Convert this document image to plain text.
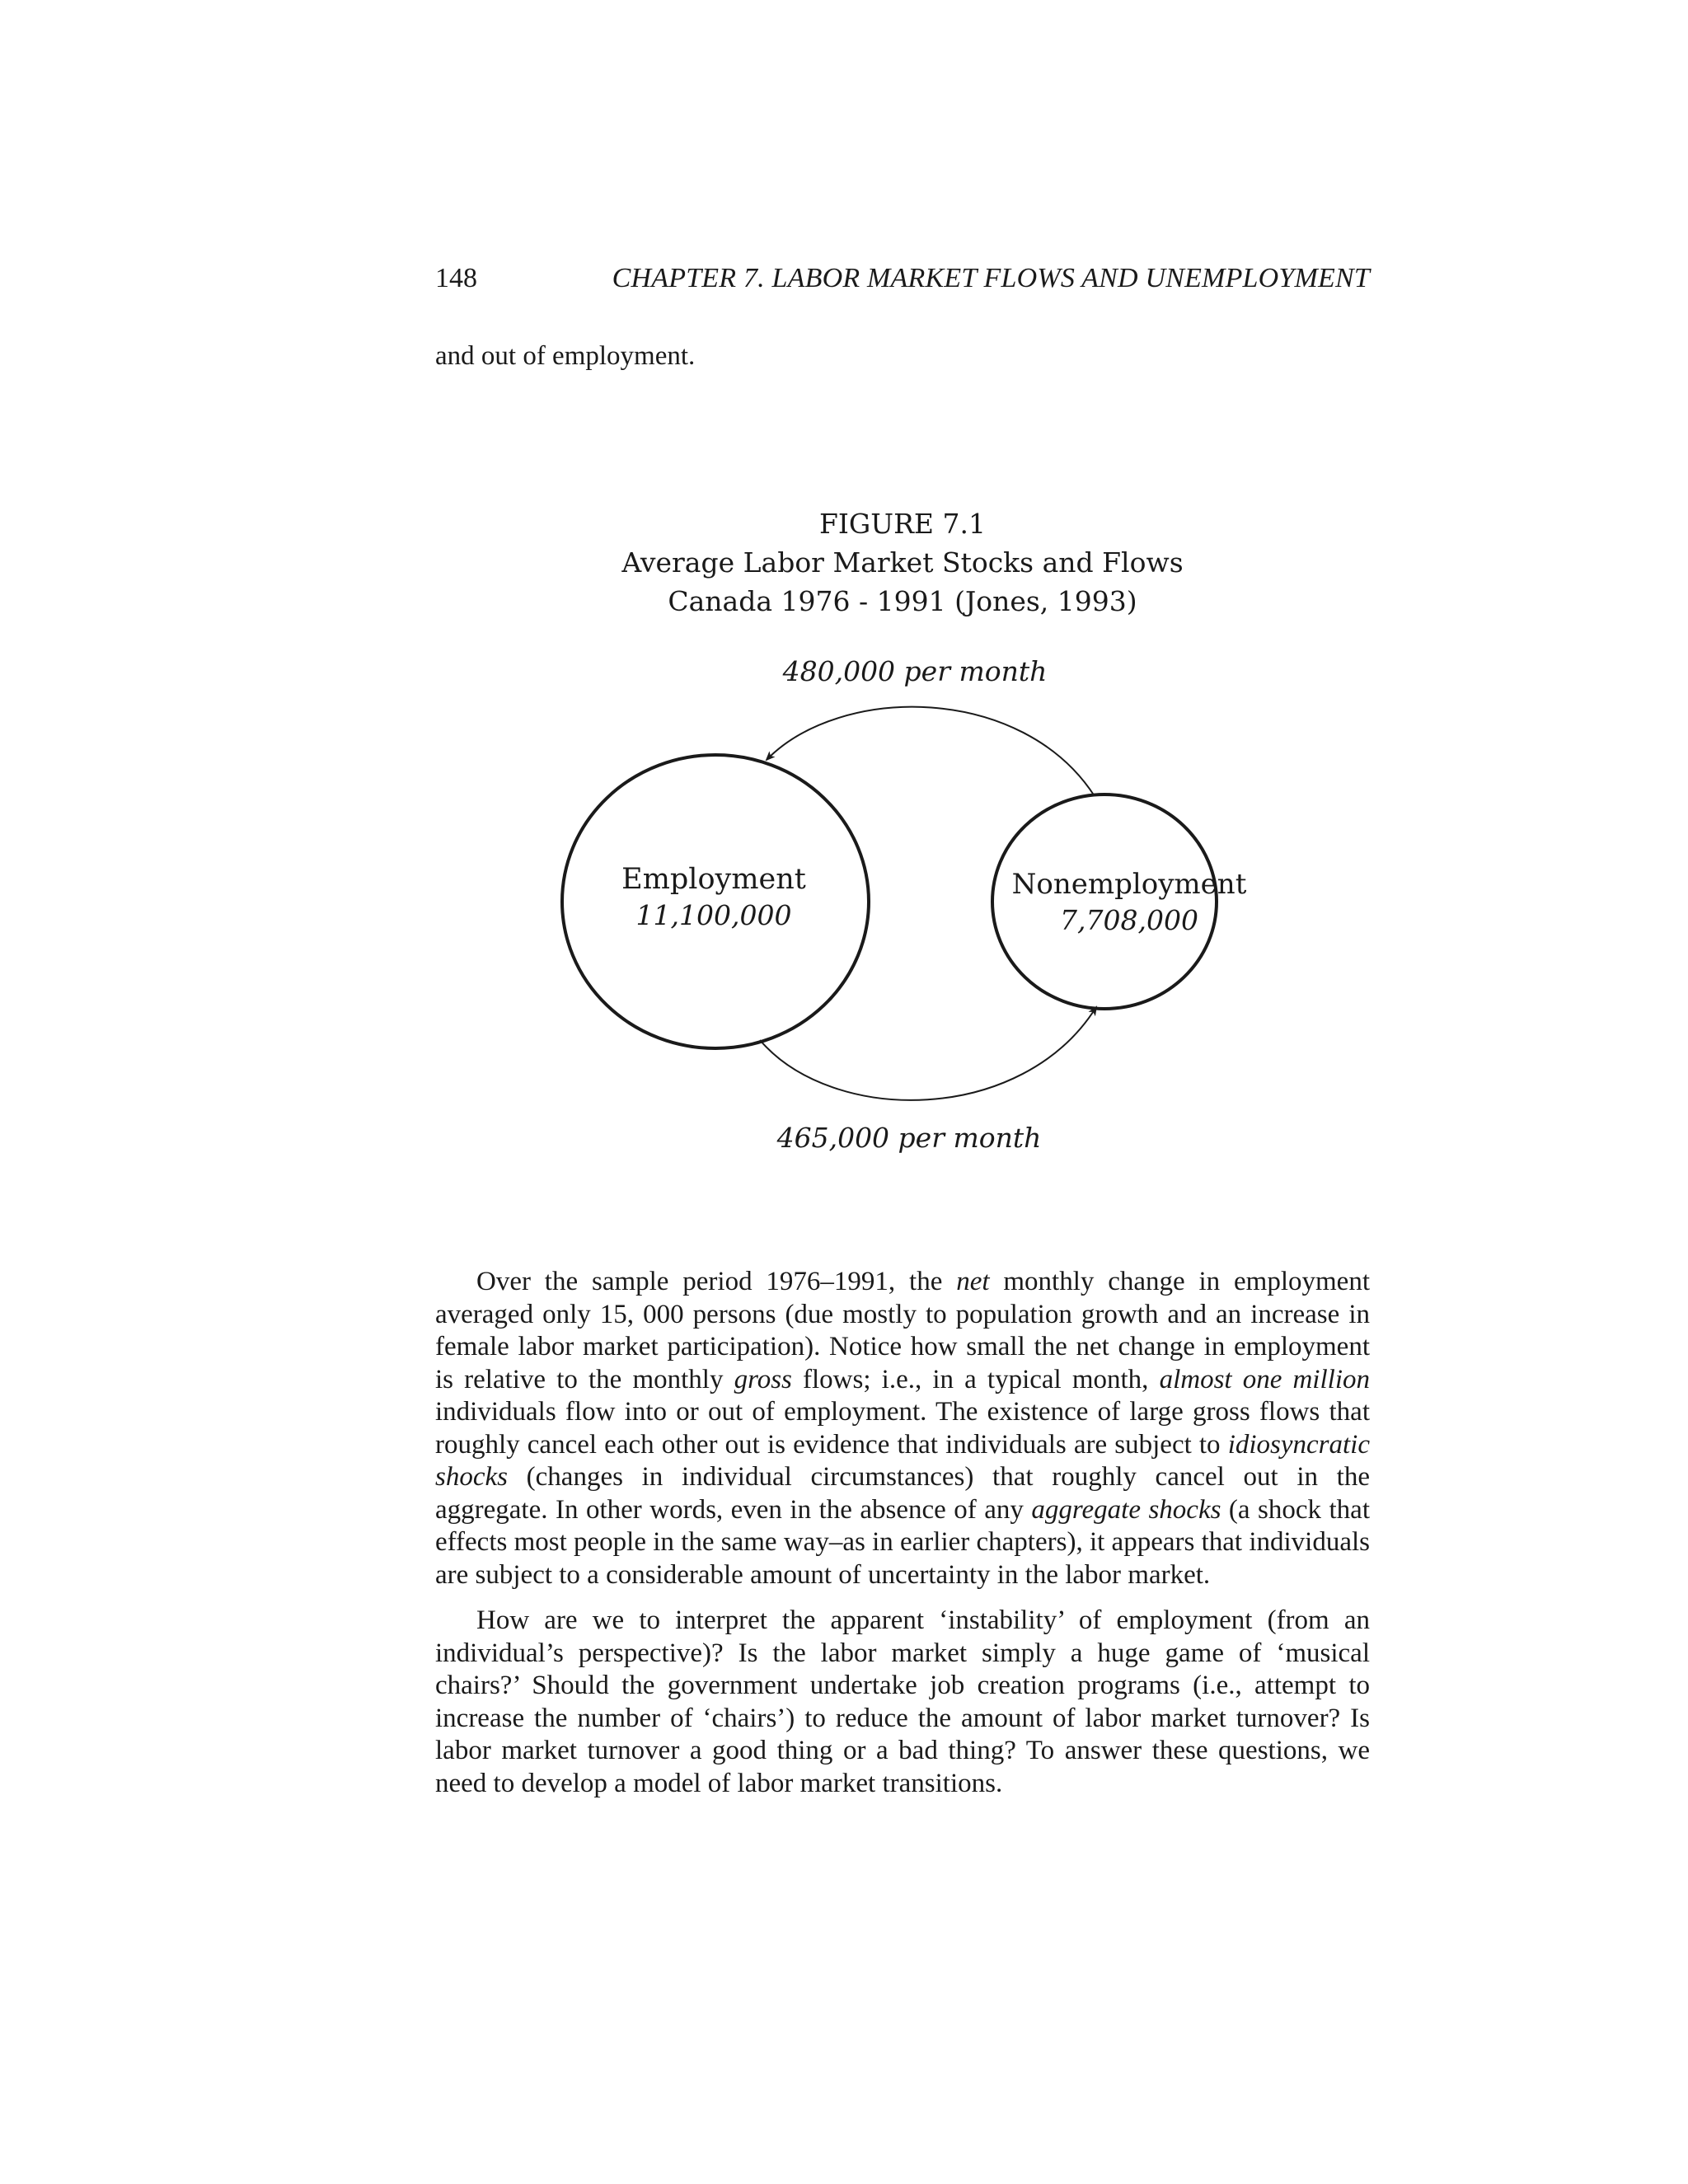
148	CHAPTER 7. LABOR MARKET FLOWS AND UNEMPLOYMENT
and out of employment.
FIGURE 7.1
Average Labor Market Stocks and Flows
Canada 1976 - 1991 (Jones, 1993)
480,000 per month
465,000 per month
Employment
11,100,000
Nonemployment
7,708,000

Over the sample period 1976–1991, the net monthly change in employment averaged only 15, 000 persons (due mostly to population growth and an increase in female labor market participation). Notice how small the net change in employment is relative to the monthly gross flows; i.e., in a typical month, almost one million individuals flow into or out of employment. The existence of large gross flows that roughly cancel each other out is evidence that individuals are subject to idiosyncratic shocks (changes in individual circumstances) that roughly cancel out in the aggregate. In other words, even in the absence of any aggregate shocks (a shock that effects most people in the same way–as in earlier chapters), it appears that individuals are subject to a considerable amount of uncertainty in the labor market.

How are we to interpret the apparent ‘instability’ of employment (from an individual’s perspective)? Is the labor market simply a huge game of ‘musical chairs?’ Should the government undertake job creation programs (i.e., attempt to increase the number of ‘chairs’) to reduce the amount of labor market turnover? Is labor market turnover a good thing or a bad thing? To answer these questions, we need to develop a model of labor market transitions.
